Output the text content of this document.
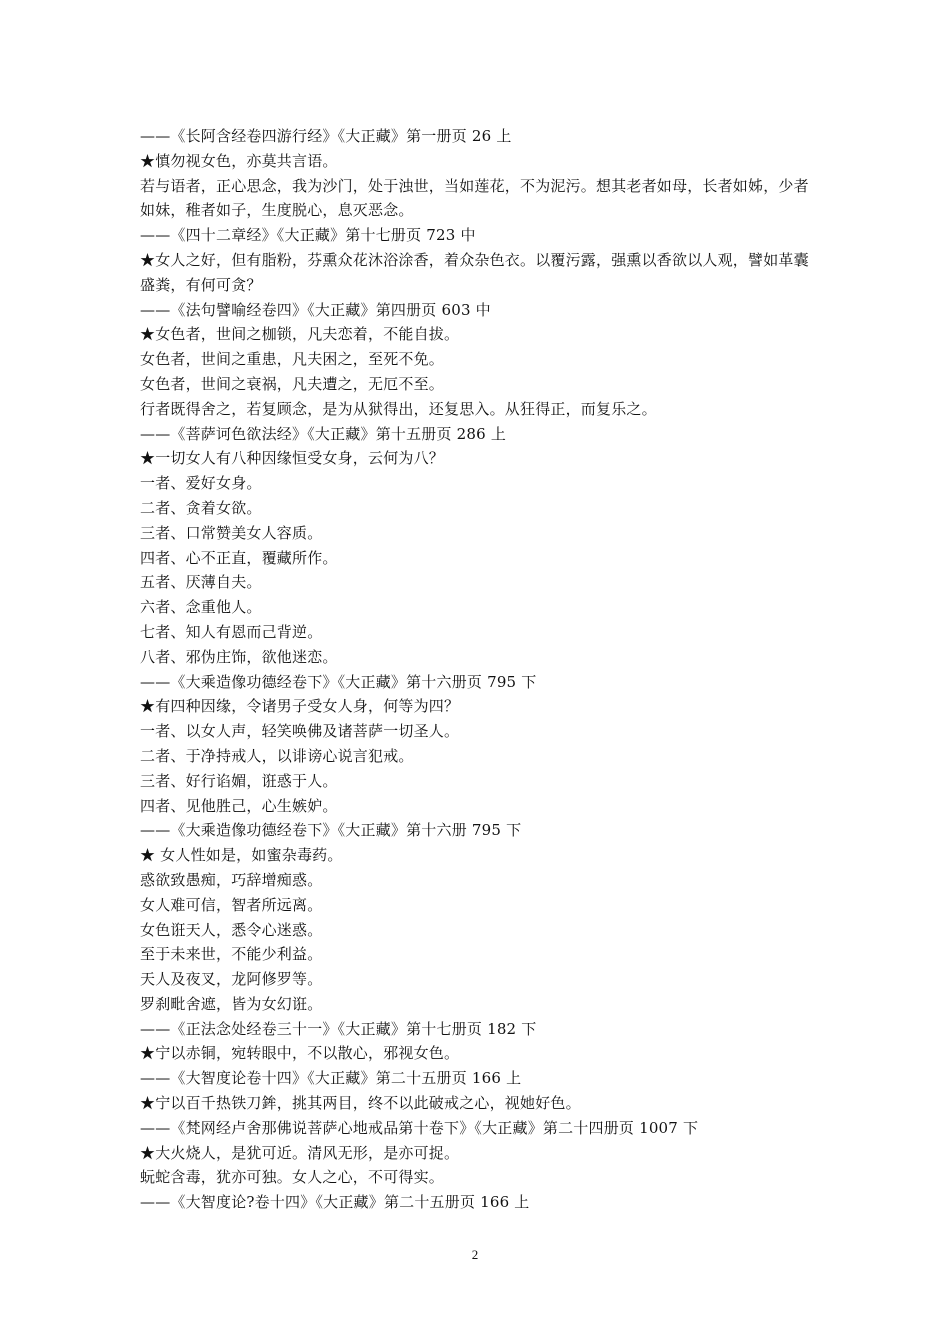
——《长阿含经卷四游行经》《大正藏》第一册页 26 上
★慎勿视女色，亦莫共言语。
若与语者，正心思念，我为沙门，处于浊世，当如莲花，不为泥污。想其老者如母，长者如姊，少者如妹，稚者如子，生度脱心，息灭恶念。
——《四十二章经》《大正藏》第十七册页 723 中
★女人之好，但有脂粉，芬熏众花沐浴涂香，着众杂色衣。以覆污露，强熏以香欲以人观，譬如革囊盛粪，有何可贪？
——《法句譬喻经卷四》《大正藏》第四册页 603 中
★女色者，世间之枷锁，凡夫恋着，不能自拔。
女色者，世间之重患，凡夫困之，至死不免。
女色者，世间之衰祸，凡夫遭之，无厄不至。
行者既得舍之，若复顾念，是为从狱得出，还复思入。从狂得正，而复乐之。
——《菩萨诃色欲法经》《大正藏》第十五册页 286 上
★一切女人有八种因缘恒受女身，云何为八？
一者、爱好女身。
二者、贪着女欲。
三者、口常赞美女人容质。
四者、心不正直，覆藏所作。
五者、厌薄自夫。
六者、念重他人。
七者、知人有恩而己背逆。
八者、邪伪庄饰，欲他迷恋。
——《大乘造像功德经卷下》《大正藏》第十六册页 795 下
★有四种因缘，令诸男子受女人身，何等为四？
一者、以女人声，轻笑唤佛及诸菩萨一切圣人。
二者、于净持戒人，以诽谤心说言犯戒。
三者、好行谄媚，诳惑于人。
四者、见他胜己，心生嫉妒。
——《大乘造像功德经卷下》《大正藏》第十六册 795 下
★ 女人性如是，如蜜杂毒药。
惑欲致愚痴，巧辞增痴惑。
女人难可信，智者所远离。
女色诳天人，悉令心迷惑。
至于未来世，不能少利益。
天人及夜叉，龙阿修罗等。
罗刹毗舍遮，皆为女幻诳。
——《正法念处经卷三十一》《大正藏》第十七册页 182 下
★宁以赤铜，宛转眼中，不以散心，邪视女色。
——《大智度论卷十四》《大正藏》第二十五册页 166 上
★宁以百千热铁刀鉾，挑其两目，终不以此破戒之心，视她好色。
——《梵网经卢舍那佛说菩萨心地戒品第十卷下》《大正藏》第二十四册页 1007 下
★大火烧人，是犹可近。清风无形，是亦可捉。
蚖蛇含毒，犹亦可独。女人之心，不可得实。
——《大智度论?卷十四》《大正藏》第二十五册页 166 上
2
